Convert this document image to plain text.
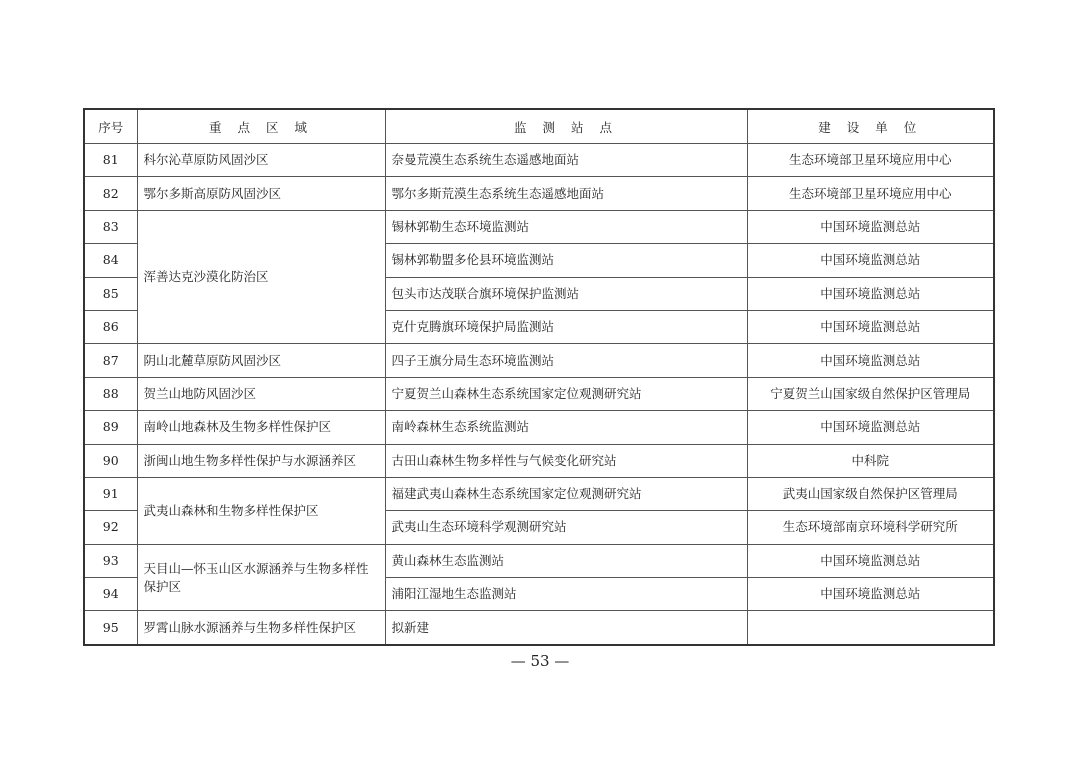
序号	重 点 区 域	监 测 站 点	建 设 单 位
81	科尔沁草原防风固沙区	奈曼荒漠生态系统生态遥感地面站	生态环境部卫星环境应用中心
82	鄂尔多斯高原防风固沙区	鄂尔多斯荒漠生态系统生态遥感地面站	生态环境部卫星环境应用中心
83	浑善达克沙漠化防治区	锡林郭勒生态环境监测站	中国环境监测总站
84		锡林郭勒盟多伦县环境监测站	中国环境监测总站
85		包头市达茂联合旗环境保护监测站	中国环境监测总站
86		克什克腾旗环境保护局监测站	中国环境监测总站
87	阴山北麓草原防风固沙区	四子王旗分局生态环境监测站	中国环境监测总站
88	贺兰山地防风固沙区	宁夏贺兰山森林生态系统国家定位观测研究站	宁夏贺兰山国家级自然保护区管理局
89	南岭山地森林及生物多样性保护区	南岭森林生态系统监测站	中国环境监测总站
90	浙闽山地生物多样性保护与水源涵养区	古田山森林生物多样性与气候变化研究站	中科院
91	武夷山森林和生物多样性保护区	福建武夷山森林生态系统国家定位观测研究站	武夷山国家级自然保护区管理局
92		武夷山生态环境科学观测研究站	生态环境部南京环境科学研究所
93	天目山—怀玉山区水源涵养与生物多样性保护区	黄山森林生态监测站	中国环境监测总站
94		浦阳江湿地生态监测站	中国环境监测总站
95	罗霄山脉水源涵养与生物多样性保护区	拟新建	
— 53 —
